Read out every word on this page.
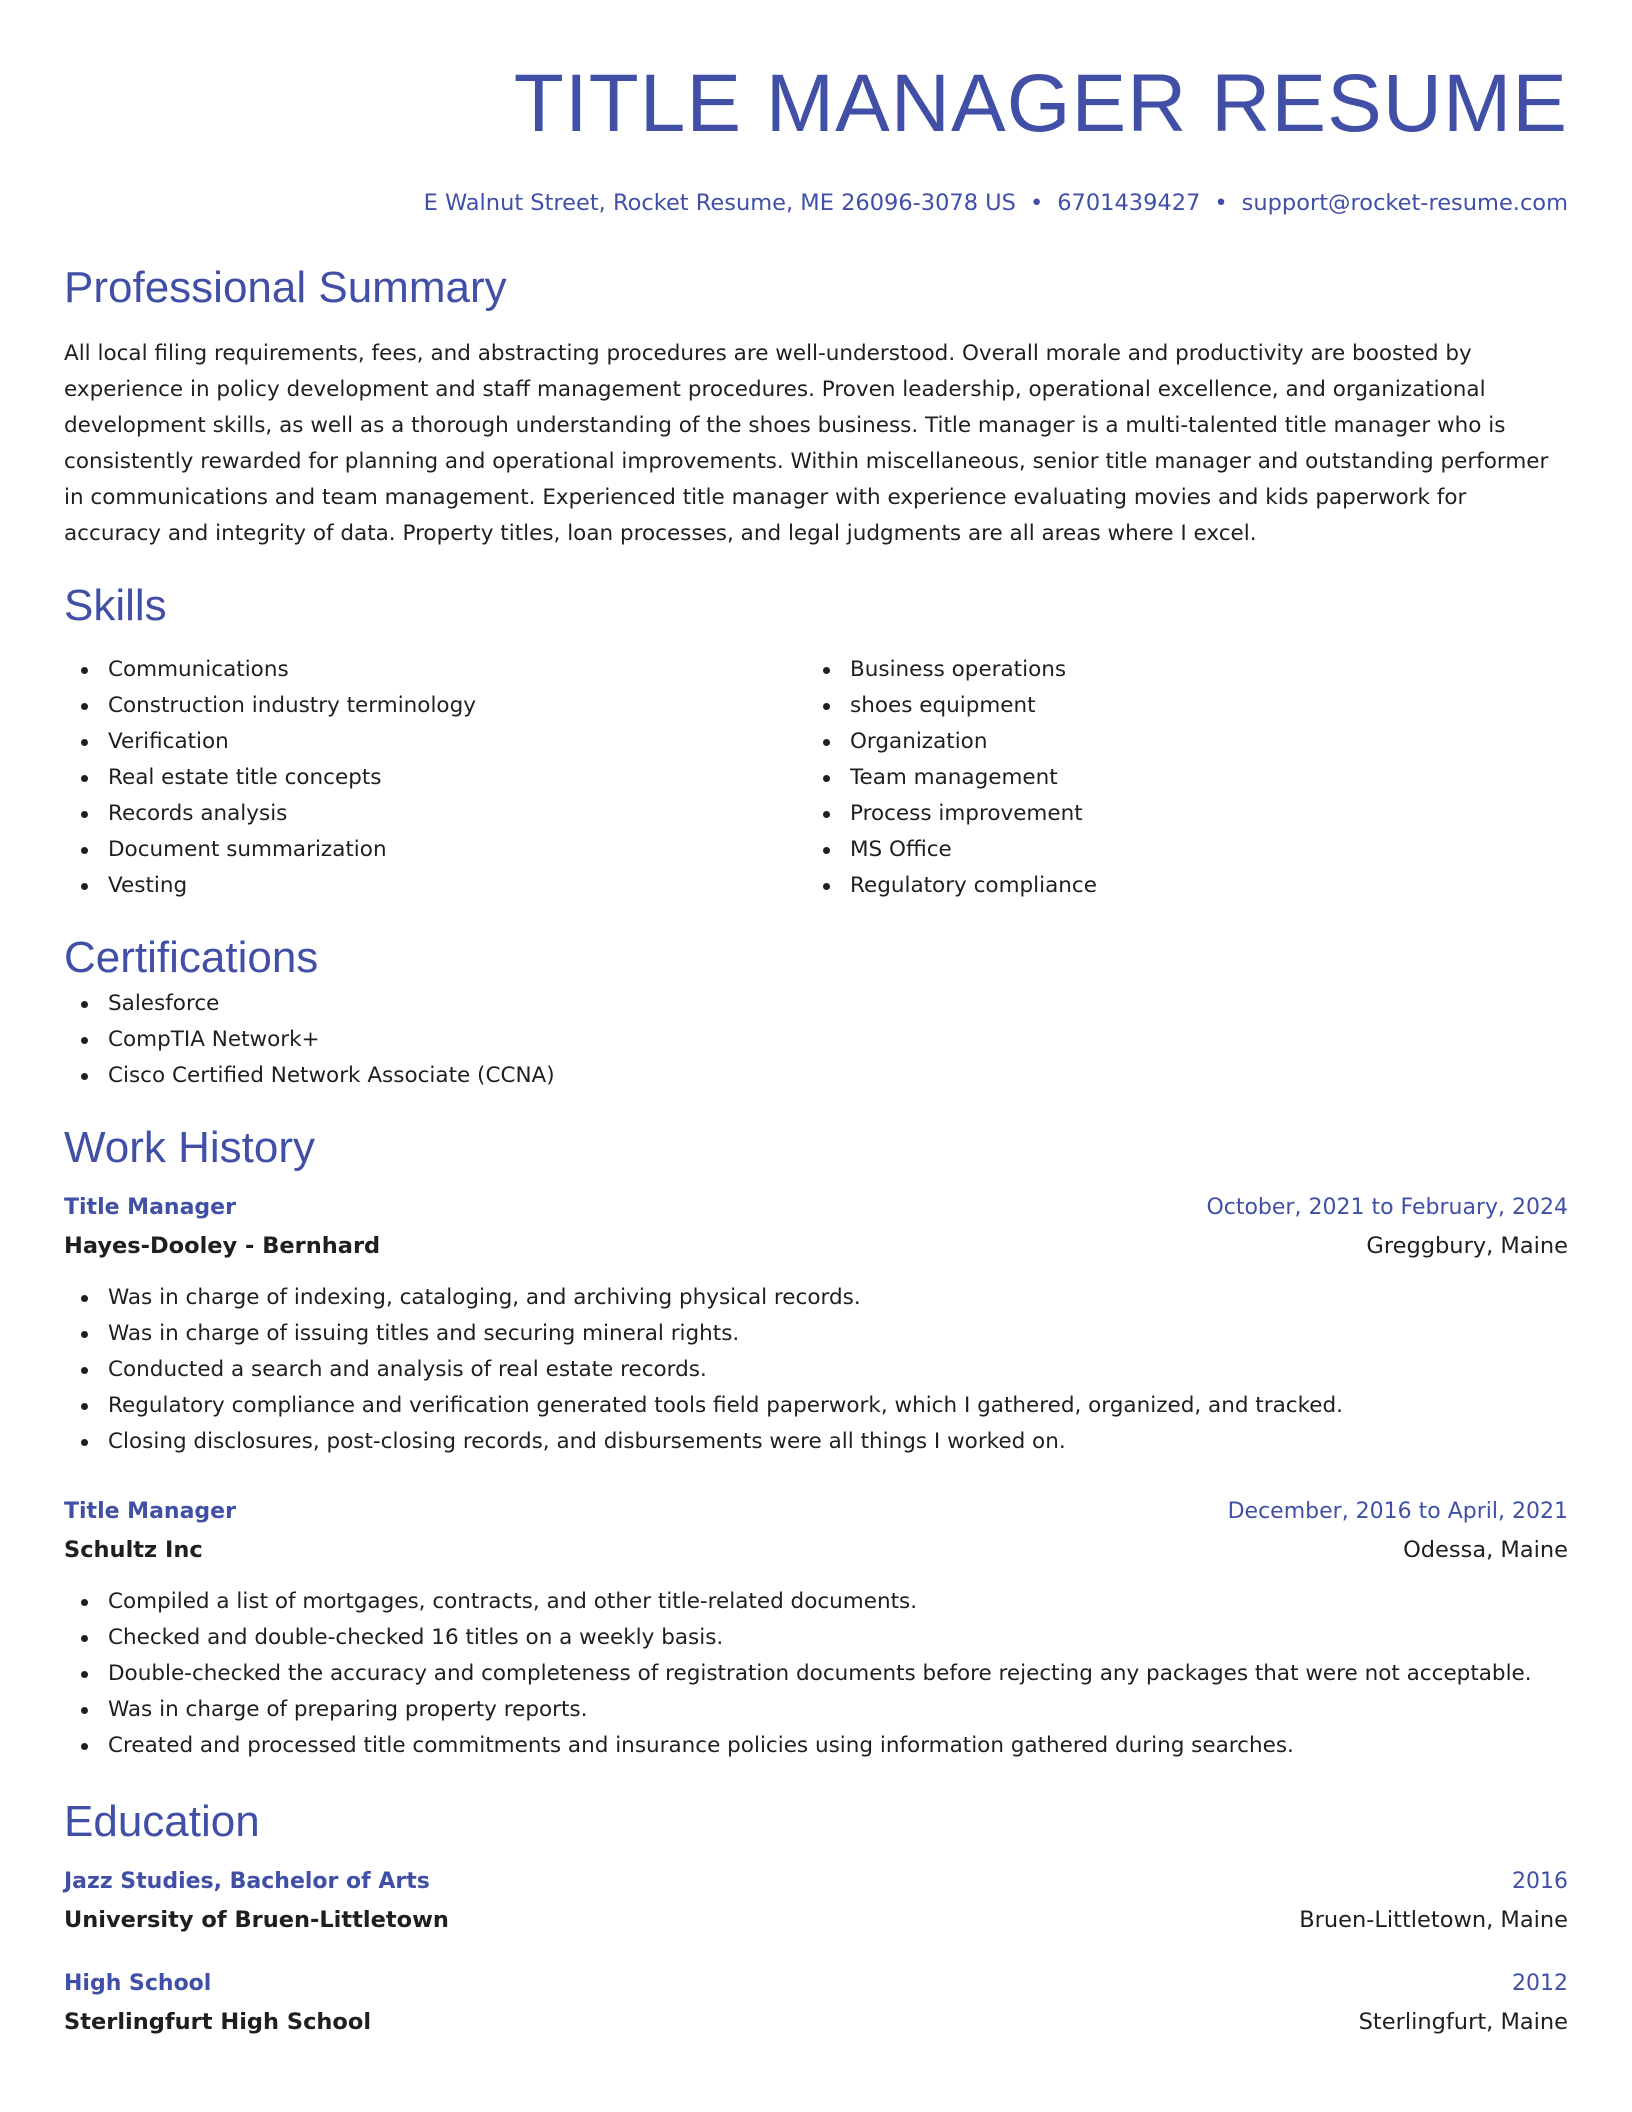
TITLE MANAGER RESUME
E Walnut Street, Rocket Resume, ME 26096-3078 US • 6701439427 • support@rocket-resume.com
Professional Summary

All local filing requirements, fees, and abstracting procedures are well-understood. Overall morale and productivity are boosted by experience in policy development and staff management procedures. Proven leadership, operational excellence, and organizational development skills, as well as a thorough understanding of the shoes business. Title manager is a multi-talented title manager who is consistently rewarded for planning and operational improvements. Within miscellaneous, senior title manager and outstanding performer in communications and team management. Experienced title manager with experience evaluating movies and kids paperwork for accuracy and integrity of data. Property titles, loan processes, and legal judgments are all areas where I excel.

Skills
Communications
Construction industry terminology
Verification
Real estate title concepts
Records analysis
Document summarization
Vesting
Business operations
shoes equipment
Organization
Team management
Process improvement
MS Office
Regulatory compliance
Certifications
Salesforce
CompTIA Network+
Cisco Certified Network Associate (CCNA)
Work History
Title Manager	October, 2021 to February, 2024
Hayes-Dooley - Bernhard	Greggbury, Maine
Was in charge of indexing, cataloging, and archiving physical records.
Was in charge of issuing titles and securing mineral rights.
Conducted a search and analysis of real estate records.
Regulatory compliance and verification generated tools field paperwork, which I gathered, organized, and tracked.
Closing disclosures, post-closing records, and disbursements were all things I worked on.
Title Manager	December, 2016 to April, 2021
Schultz Inc	Odessa, Maine
Compiled a list of mortgages, contracts, and other title-related documents.
Checked and double-checked 16 titles on a weekly basis.
Double-checked the accuracy and completeness of registration documents before rejecting any packages that were not acceptable.
Was in charge of preparing property reports.
Created and processed title commitments and insurance policies using information gathered during searches.
Education
Jazz Studies, Bachelor of Arts	2016
University of Bruen-Littletown	Bruen-Littletown, Maine
High School	2012
Sterlingfurt High School	Sterlingfurt, Maine
